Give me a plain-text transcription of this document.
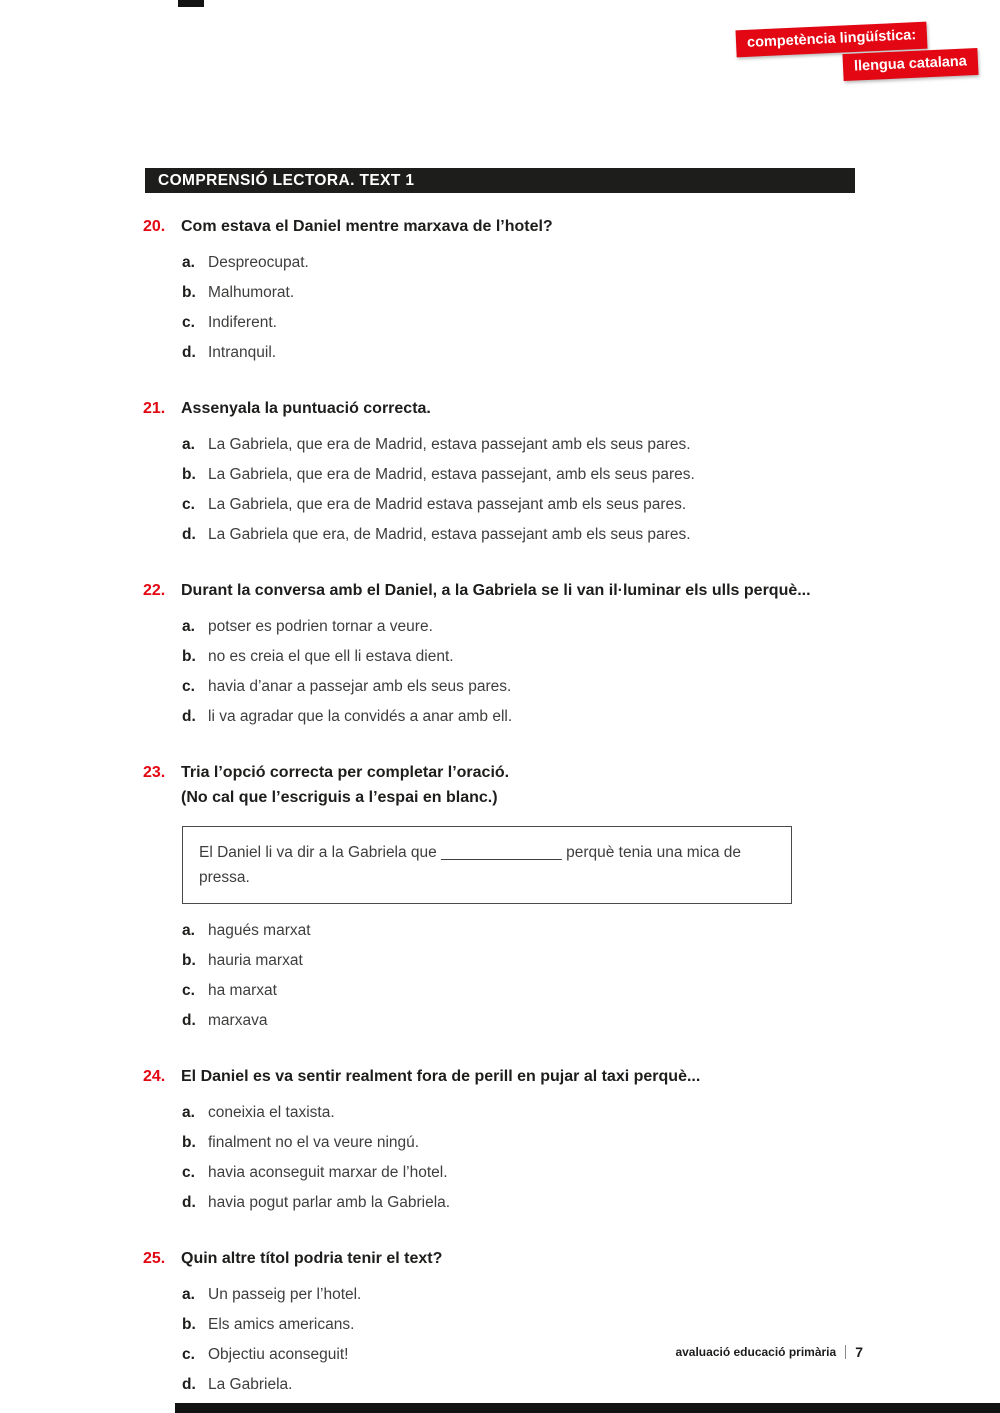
competència lingüística:
llengua catalana
COMPRENSIÓ LECTORA. TEXT 1
20. Com estava el Daniel mentre marxava de l’hotel?
a. Despreocupat.
b. Malhumorat.
c. Indiferent.
d. Intranquil.
21. Assenyala la puntuació correcta.
a. La Gabriela, que era de Madrid, estava passejant amb els seus pares.
b. La Gabriela, que era de Madrid, estava passejant, amb els seus pares.
c. La Gabriela, que era de Madrid estava passejant amb els seus pares.
d. La Gabriela que era, de Madrid, estava passejant amb els seus pares.
22. Durant la conversa amb el Daniel, a la Gabriela se li van il·luminar els ulls perquè...
a. potser es podrien tornar a veure.
b. no es creia el que ell li estava dient.
c. havia d’anar a passejar amb els seus pares.
d. li va agradar que la convidés a anar amb ell.
23. Tria l’opció correcta per completar l’oració.
(No cal que l’escriguis a l’espai en blanc.)

El Daniel li va dir a la Gabriela que ______________ perquè tenia una mica de pressa.

a. hagués marxat
b. hauria marxat
c. ha marxat
d. marxava
24. El Daniel es va sentir realment fora de perill en pujar al taxi perquè...
a. coneixia el taxista.
b. finalment no el va veure ningú.
c. havia aconseguit marxar de l’hotel.
d. havia pogut parlar amb la Gabriela.
25. Quin altre títol podria tenir el text?
a. Un passeig per l’hotel.
b. Els amics americans.
c. Objectiu aconseguit!
d. La Gabriela.
avaluació educació primària 7
